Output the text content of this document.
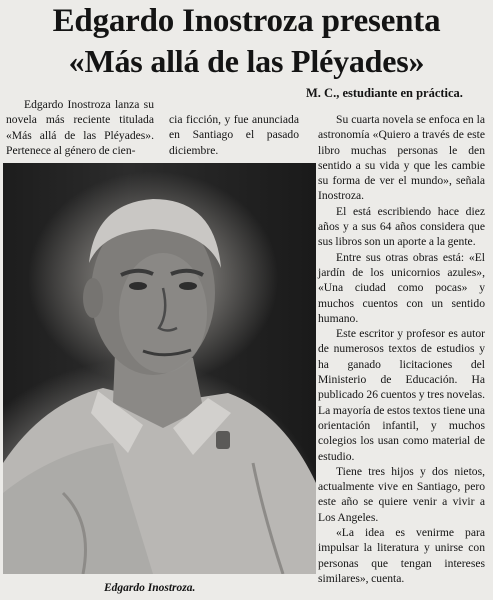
Edgardo Inostroza presenta
«Más allá de las Pléyades»
M. C., estudiante en práctica.

Edgardo Inostroza lanza su novela más reciente titulada «Más allá de las Pléyades». Pertenece al género de cien-

cia ficción, y fue anunciada en Santiago el pasado diciembre.

Su cuarta novela se enfoca en la astronomía «Quiero a través de este libro muchas personas le den sentido a su vida y que les cambie su forma de ver el mundo», señala Inostroza.

El está escribiendo hace diez años y a sus 64 años considera que sus libros son un aporte a la gente.

Entre sus otras obras está: «El jardín de los unicornios azules», «Una ciudad como pocas» y muchos cuentos con un sentido humano.

Este escritor y profesor es autor de numerosos textos de estudios y ha ganado licitaciones del Ministerio de Educación. Ha publicado 26 cuentos y tres novelas. La mayoría de estos textos tiene una orientación infantil, y muchos colegios los usan como material de estudio.

Tiene tres hijos y dos nietos, actualmente vive en Santiago, pero este año se quiere venir a vivir a Los Angeles.

«La idea es venirme para impulsar la literatura y unirse con personas que tengan intereses similares», cuenta.

Edgardo Inostroza.
